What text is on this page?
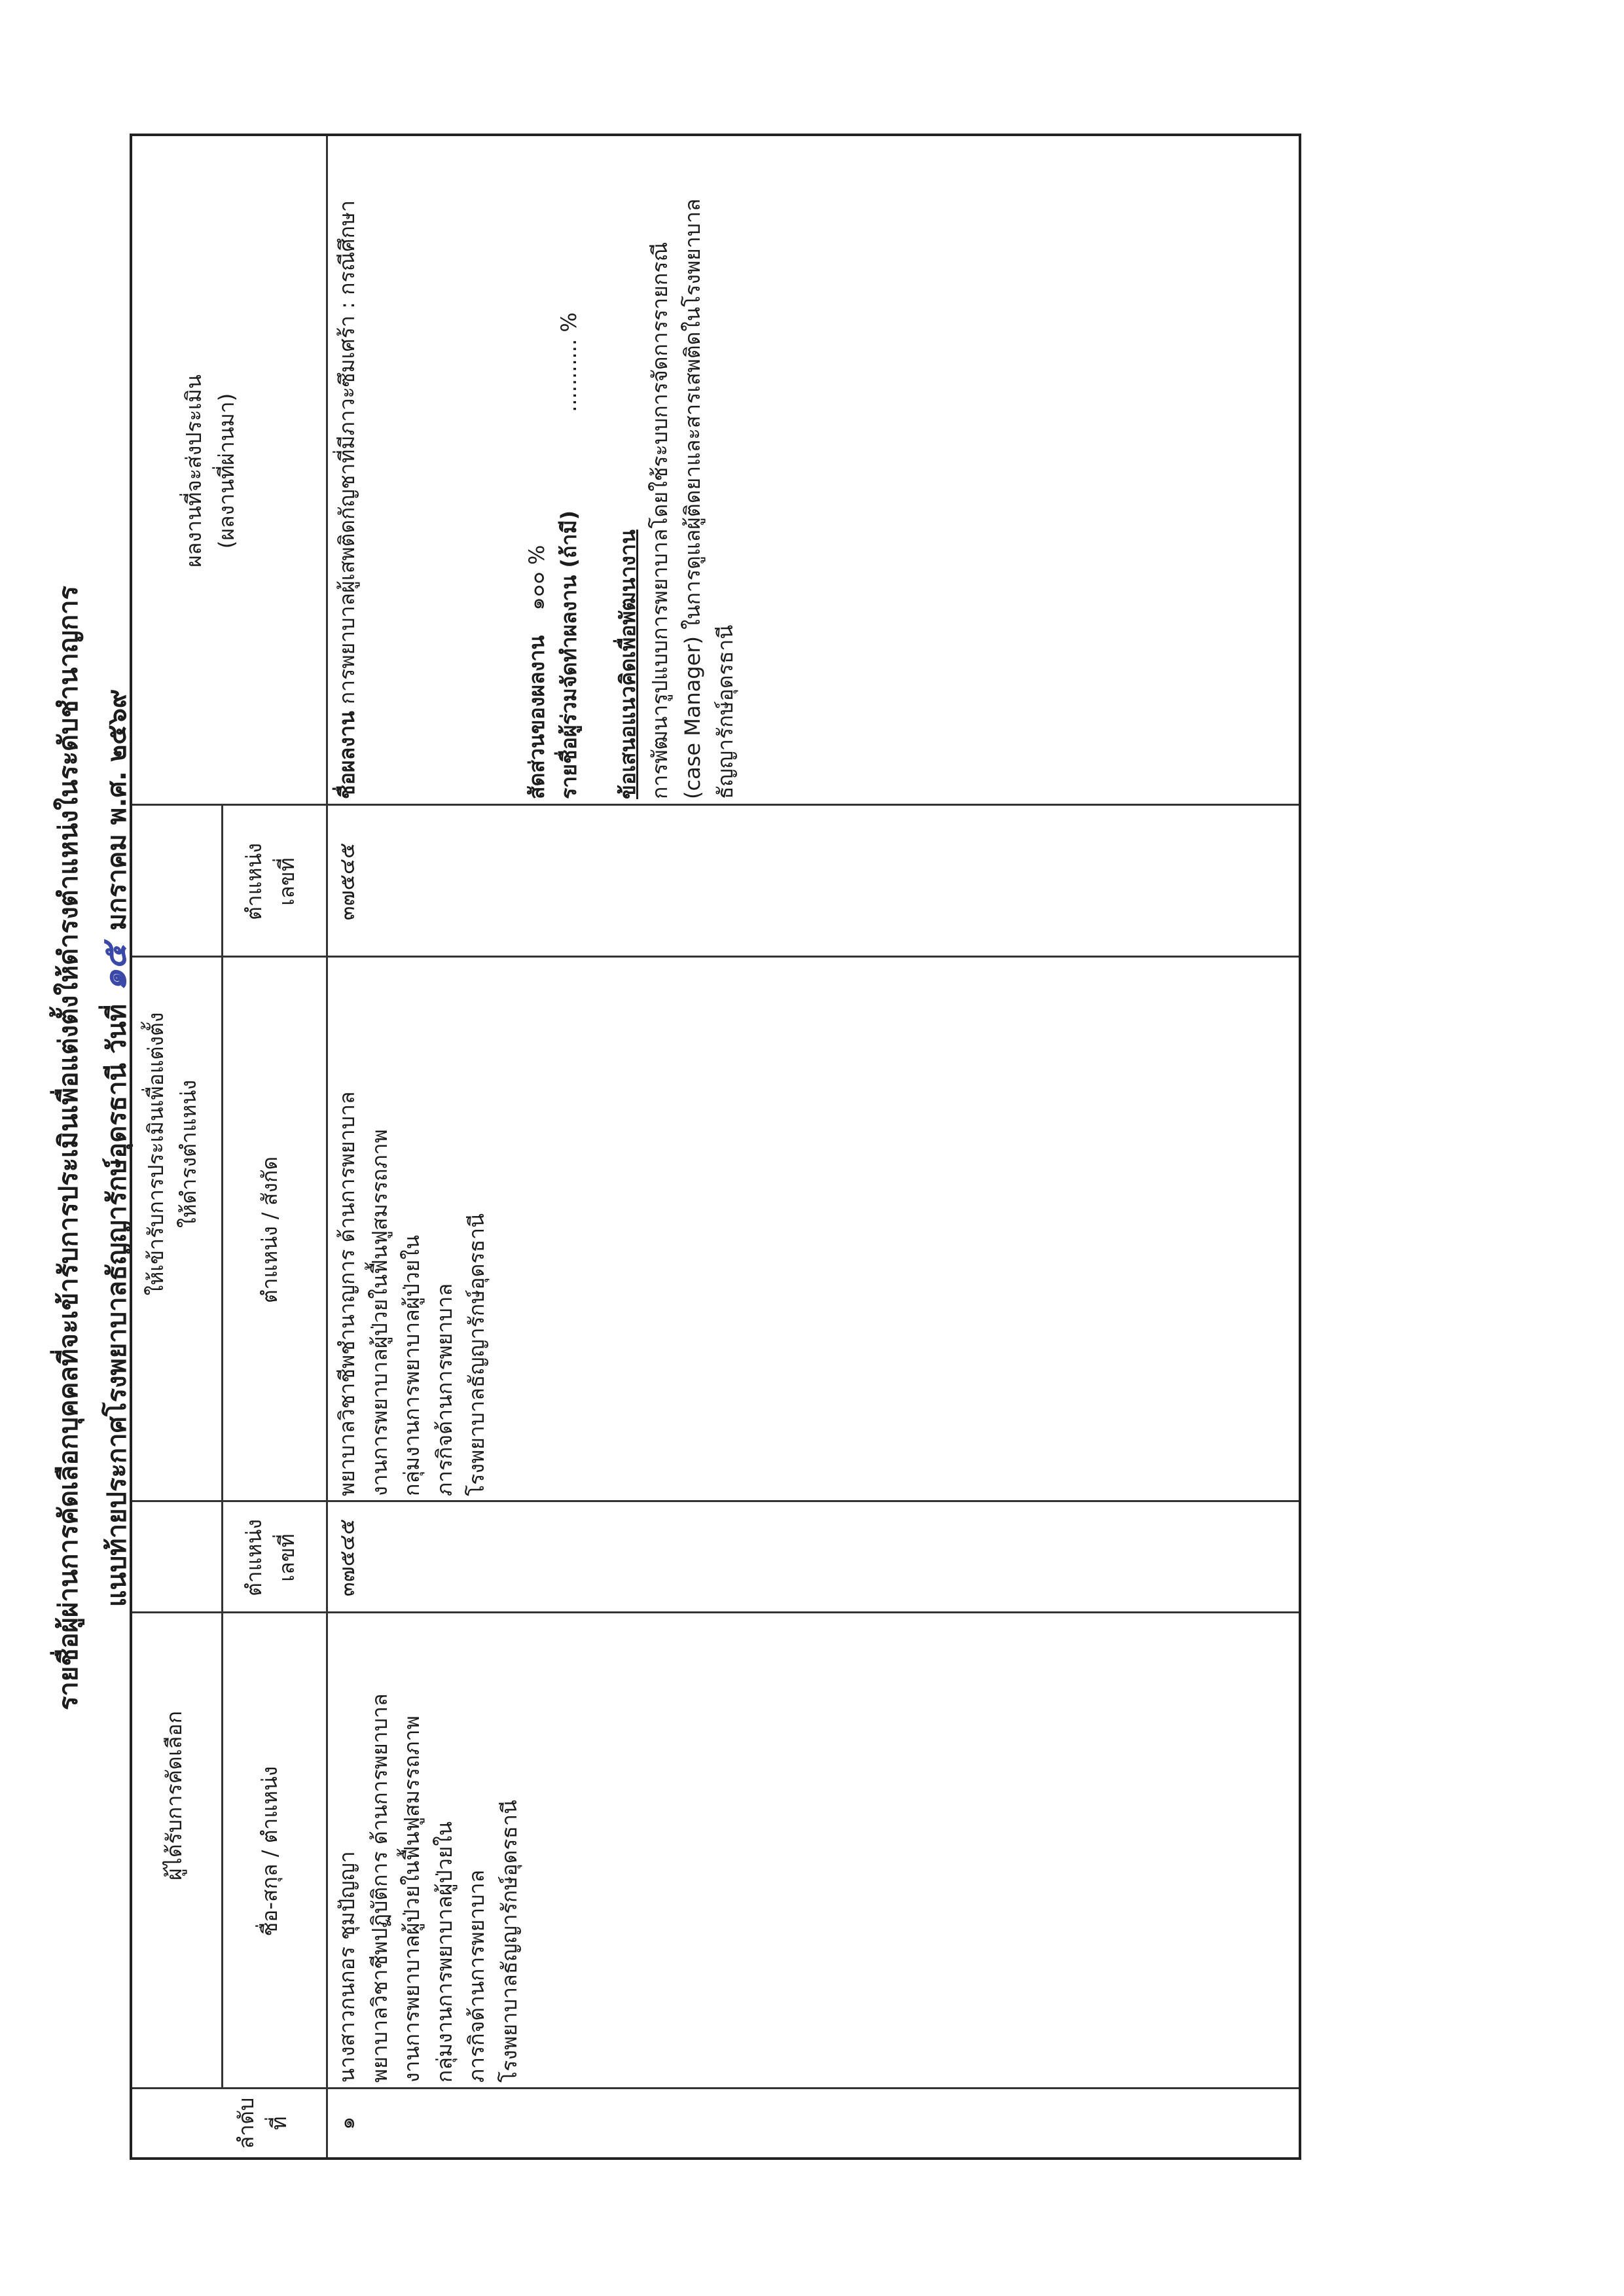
รายชื่อผู้ผ่านการคัดเลือกบุคคลที่จะเข้ารับการประเมินเพื่อแต่งตั้งให้ดำรงตำแหน่งในระดับชำนาญการ แนบท้ายประกาศโรงพยาบาลธัญญารักษ์อุดรธานี วันที่ ๑๕ มกราคม พ.ศ. ๒๕๖๙
ลำดับ ที่
ผู้ได้รับการคัดเลือก	ชื่อ-สกุล / ตำแหน่ง
ตำแหน่ง เลขที่
ให้เข้ารับการประเมินเพื่อแต่งตั้ง ให้ดำรงตำแหน่ง
ตำแหน่ง / สังกัด
ตำแหน่ง เลขที่
ผลงานที่จะส่งประเมิน (ผลงานที่ผ่านมา)
๑
นางสาวกนกอร ชุมปัญญา พยาบาลวิชาชีพปฏิบัติการ ด้านการพยาบาล งานการพยาบาลผู้ป่วยในฟื้นฟูสมรรถภาพ กลุ่มงานการพยาบาลผู้ป่วยใน ภารกิจด้านการพยาบาล โรงพยาบาลธัญญารักษ์อุดรธานี
๓๗๕๔๕
พยาบาลวิชาชีพชำนาญการ ด้านการพยาบาล งานการพยาบาลผู้ป่วยในฟื้นฟูสมรรถภาพ กลุ่มงานการพยาบาลผู้ป่วยใน ภารกิจด้านการพยาบาล โรงพยาบาลธัญญารักษ์อุดรธานี
๓๗๕๔๕
ชื่อผลงาน การพยาบาลผู้เสพติดกัญชาที่มีภาวะซึมเศร้า : กรณีศึกษา
สัดส่วนของผลงาน ๑๐๐ % รายชื่อผู้ร่วมจัดทำผลงาน (ถ้ามี) ........... %
ข้อเสนอแนวคิดเพื่อพัฒนางาน การพัฒนารูปแบบการพยาบาลโดยใช้ระบบการจัดการรายกรณี (case Manager) ในการดูแลผู้ติดยาและสารเสพติดในโรงพยาบาล ธัญญารักษ์อุดรธานี
